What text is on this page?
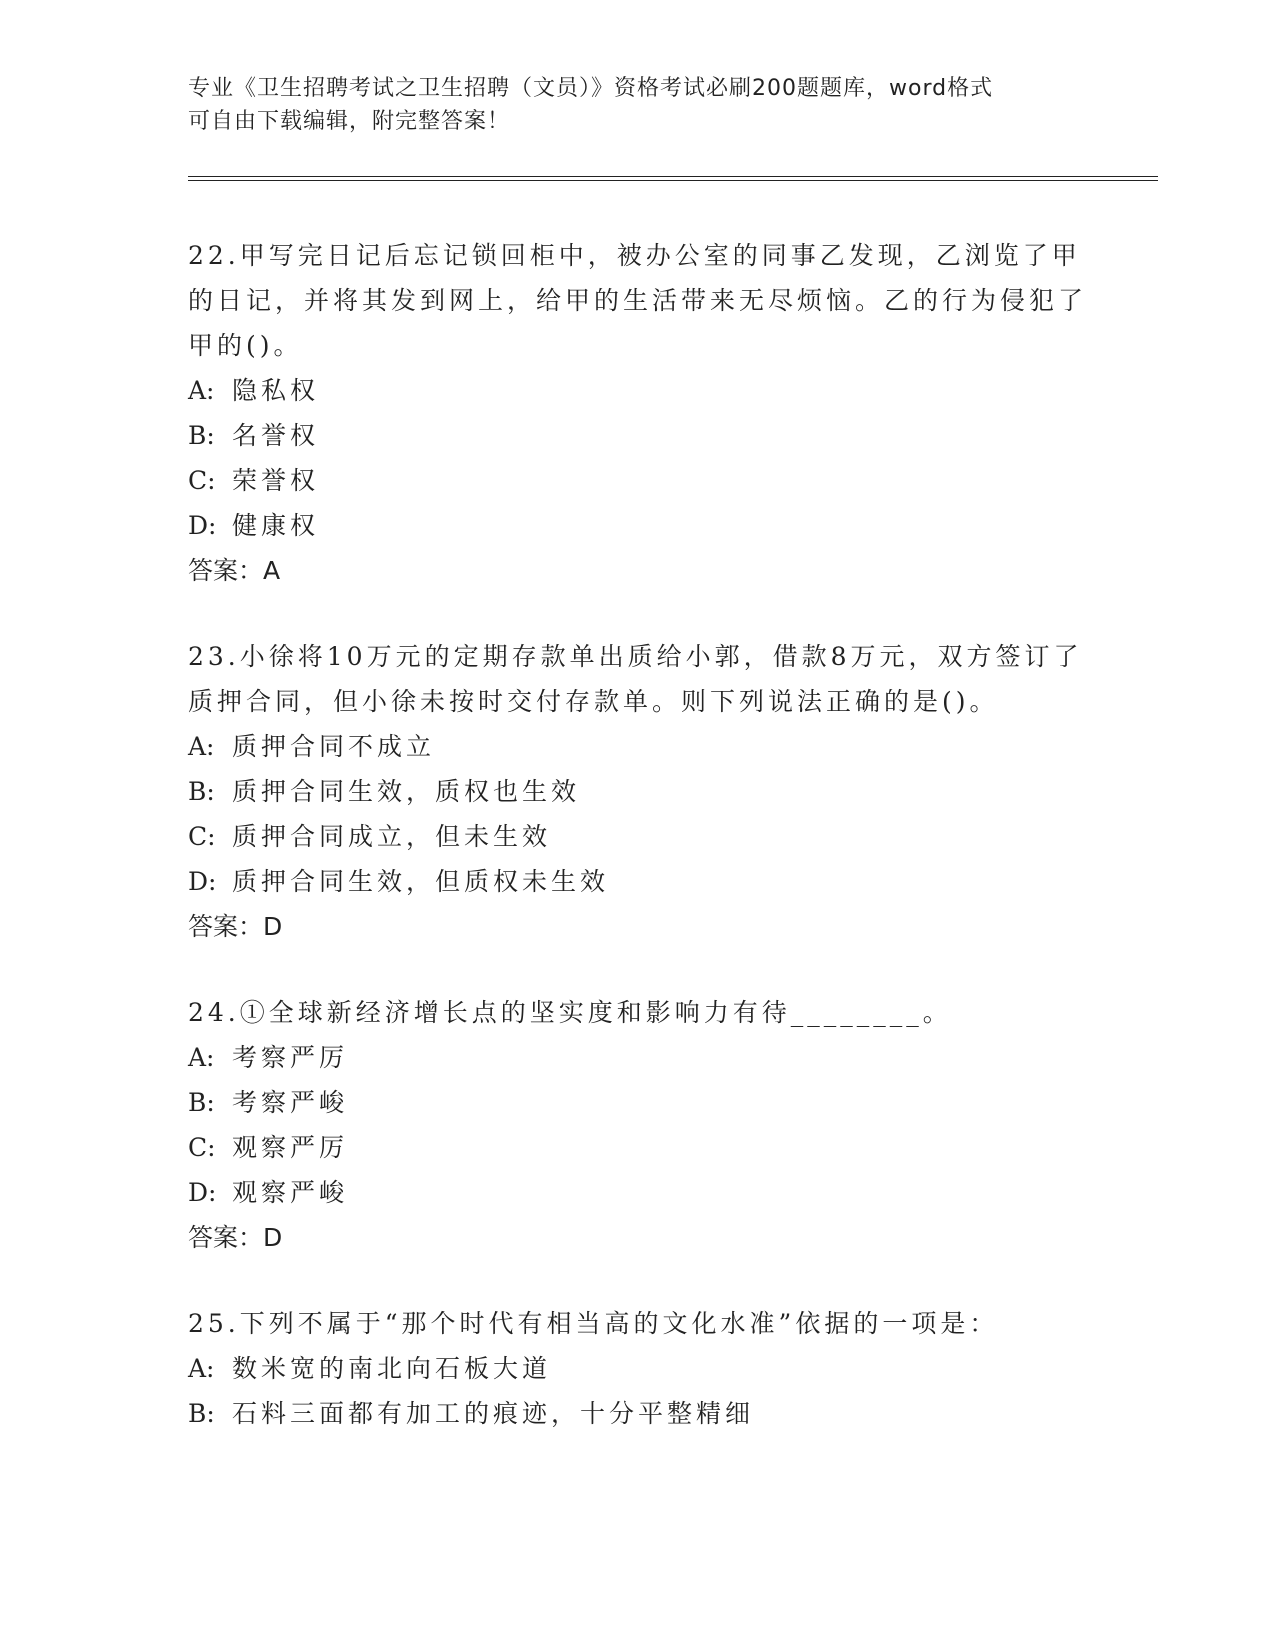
专业《卫生招聘考试之卫生招聘（文员）》资格考试必刷200题题库，word格式
可自由下载编辑，附完整答案！

22.甲写完日记后忘记锁回柜中，被办公室的同事乙发现，乙浏览了甲的日记，并将其发到网上，给甲的生活带来无尽烦恼。乙的行为侵犯了甲的()。

A: 隐私权

B: 名誉权

C: 荣誉权

D: 健康权

答案：A

23.小徐将10万元的定期存款单出质给小郭，借款8万元，双方签订了质押合同，但小徐未按时交付存款单。则下列说法正确的是()。

A: 质押合同不成立

B: 质押合同生效，质权也生效

C: 质押合同成立，但未生效

D: 质押合同生效，但质权未生效

答案：D

24.①全球新经济增长点的坚实度和影响力有待________。

A: 考察严厉

B: 考察严峻

C: 观察严厉

D: 观察严峻

答案：D

25.下列不属于“那个时代有相当高的文化水准”依据的一项是：

A: 数米宽的南北向石板大道

B: 石料三面都有加工的痕迹，十分平整精细
